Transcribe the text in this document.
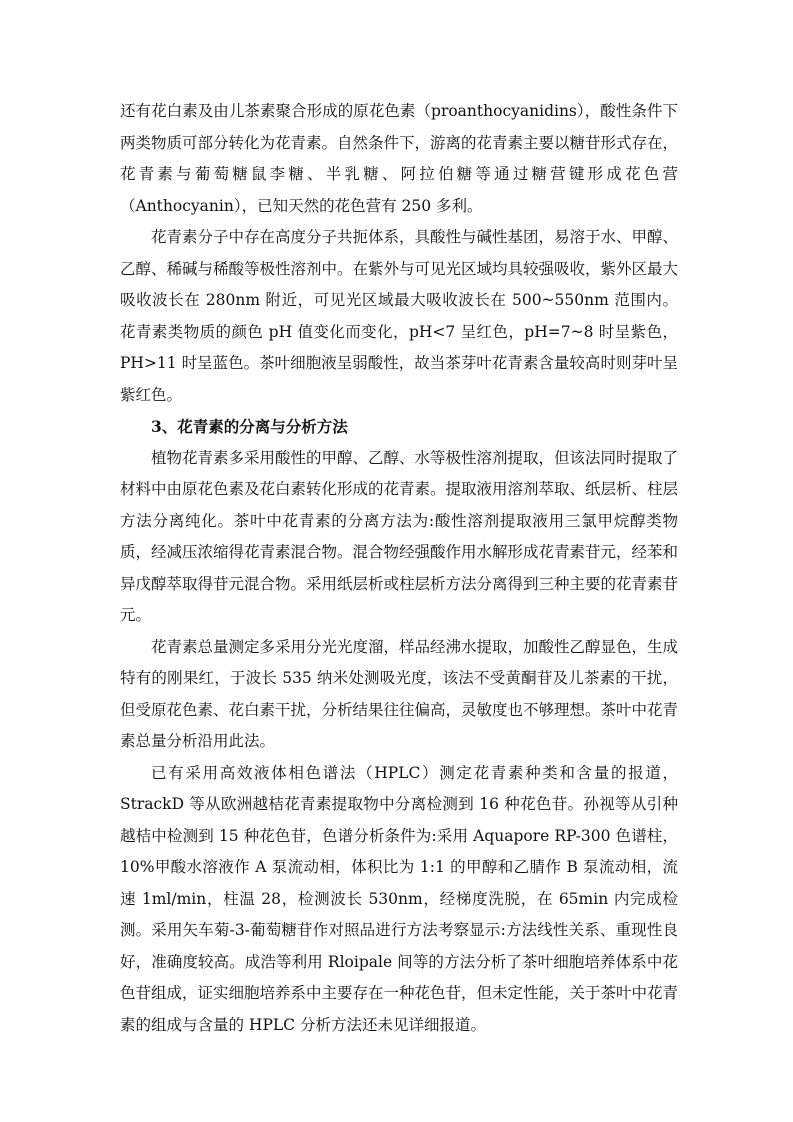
还有花白素及由儿茶素聚合形成的原花色素（proanthocyanidins），酸性条件下两类物质可部分转化为花青素。自然条件下，游离的花青素主要以糖苷形式存在，花青素与葡萄糖鼠李糖、半乳糖、阿拉伯糖等通过糖营键形成花色营（Anthocyanin），已知天然的花色营有 250 多利。

花青素分子中存在高度分子共扼体系，具酸性与碱性基团，易溶于水、甲醇、乙醇、稀碱与稀酸等极性溶剂中。在紫外与可见光区域均具较强吸收，紫外区最大吸收波长在 280nm 附近，可见光区域最大吸收波长在 500~550nm 范围内。花青素类物质的颜色 pH 值变化而变化，pH<7 呈红色，pH=7~8 时呈紫色，PH>11 时呈蓝色。茶叶细胞液呈弱酸性，故当茶芽叶花青素含量较高时则芽叶呈紫红色。

3、花青素的分离与分析方法

植物花青素多采用酸性的甲醇、乙醇、水等极性溶剂提取，但该法同时提取了材料中由原花色素及花白素转化形成的花青素。提取液用溶剂萃取、纸层析、柱层方法分离纯化。茶叶中花青素的分离方法为:酸性溶剂提取液用三氯甲烷醇类物质，经减压浓缩得花青素混合物。混合物经强酸作用水解形成花青素苷元，经苯和异戊醇萃取得苷元混合物。采用纸层析或柱层析方法分离得到三种主要的花青素苷元。

花青素总量测定多采用分光光度溜，样品经沸水提取，加酸性乙醇显色，生成特有的刚果红，于波长 535 纳米处测吸光度，该法不受黄酮苷及儿茶素的干扰，但受原花色素、花白素干扰，分析结果往往偏高，灵敏度也不够理想。茶叶中花青素总量分析沿用此法。

已有采用高效液体相色谱法（HPLC）测定花青素种类和含量的报道，StrackD 等从欧洲越桔花青素提取物中分离检测到 16 种花色苷。孙视等从引种越桔中检测到 15 种花色苷，色谱分析条件为:采用 Aquapore RP-300 色谱柱，10%甲酸水溶液作 A 泵流动相，体积比为 1:1 的甲醇和乙腈作 B 泵流动相，流速 1ml/min，柱温 28，检测波长 530nm，经梯度洗脱，在 65min 内完成检测。采用矢车菊-3-葡萄糖苷作对照品进行方法考察显示:方法线性关系、重现性良好，准确度较高。成浩等利用 Rloipale 间等的方法分析了茶叶细胞培养体系中花色苷组成，证实细胞培养系中主要存在一种花色苷，但未定性能，关于茶叶中花青素的组成与含量的 HPLC 分析方法还未见详细报道。
